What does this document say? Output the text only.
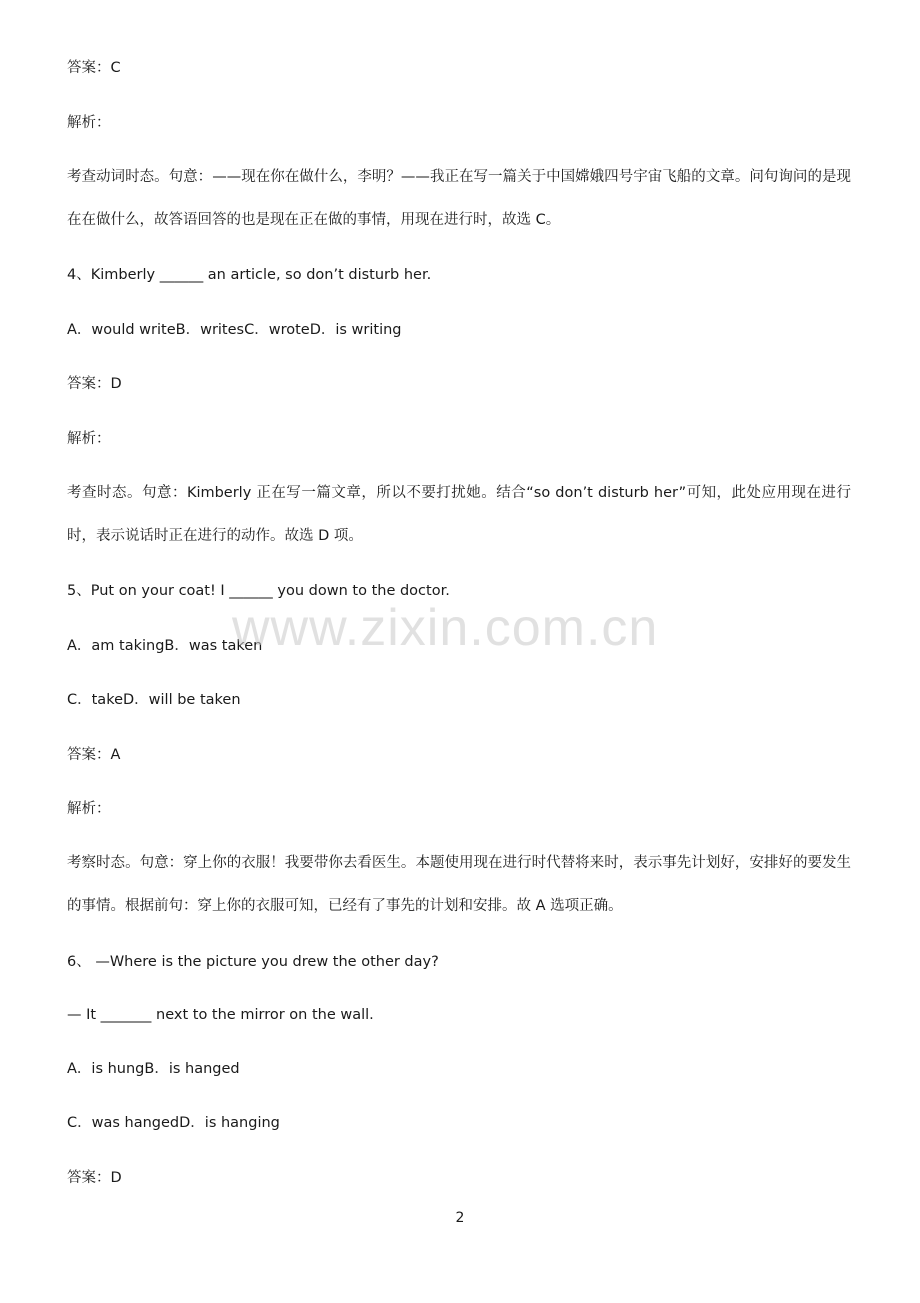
答案：C
解析：
考查动词时态。句意：——现在你在做什么，李明？——我正在写一篇关于中国嫦娥四号宇宙飞船的文章。问句询问的是现在在做什么，故答语回答的也是现在正在做的事情，用现在进行时，故选 C。
4、Kimberly ______ an article, so don’t disturb her.
A．would writeB．writesC．wroteD．is writing
答案：D
解析：
考查时态。句意：Kimberly 正在写一篇文章，所以不要打扰她。结合“so don’t disturb her”可知，此处应用现在进行时，表示说话时正在进行的动作。故选 D 项。
5、Put on your coat! I ______ you down to the doctor.
A．am takingB．was taken
C．takeD．will be taken
答案：A
解析：
考察时态。句意：穿上你的衣服！我要带你去看医生。本题使用现在进行时代替将来时，表示事先计划好，安排好的要发生的事情。根据前句：穿上你的衣服可知，已经有了事先的计划和安排。故 A 选项正确。
6、 —Where is the picture you drew the other day?
— It _______ next to the mirror on the wall.
A．is hungB．is hanged
C．was hangedD．is hanging
答案：D
www.zixin.com.cn
2
